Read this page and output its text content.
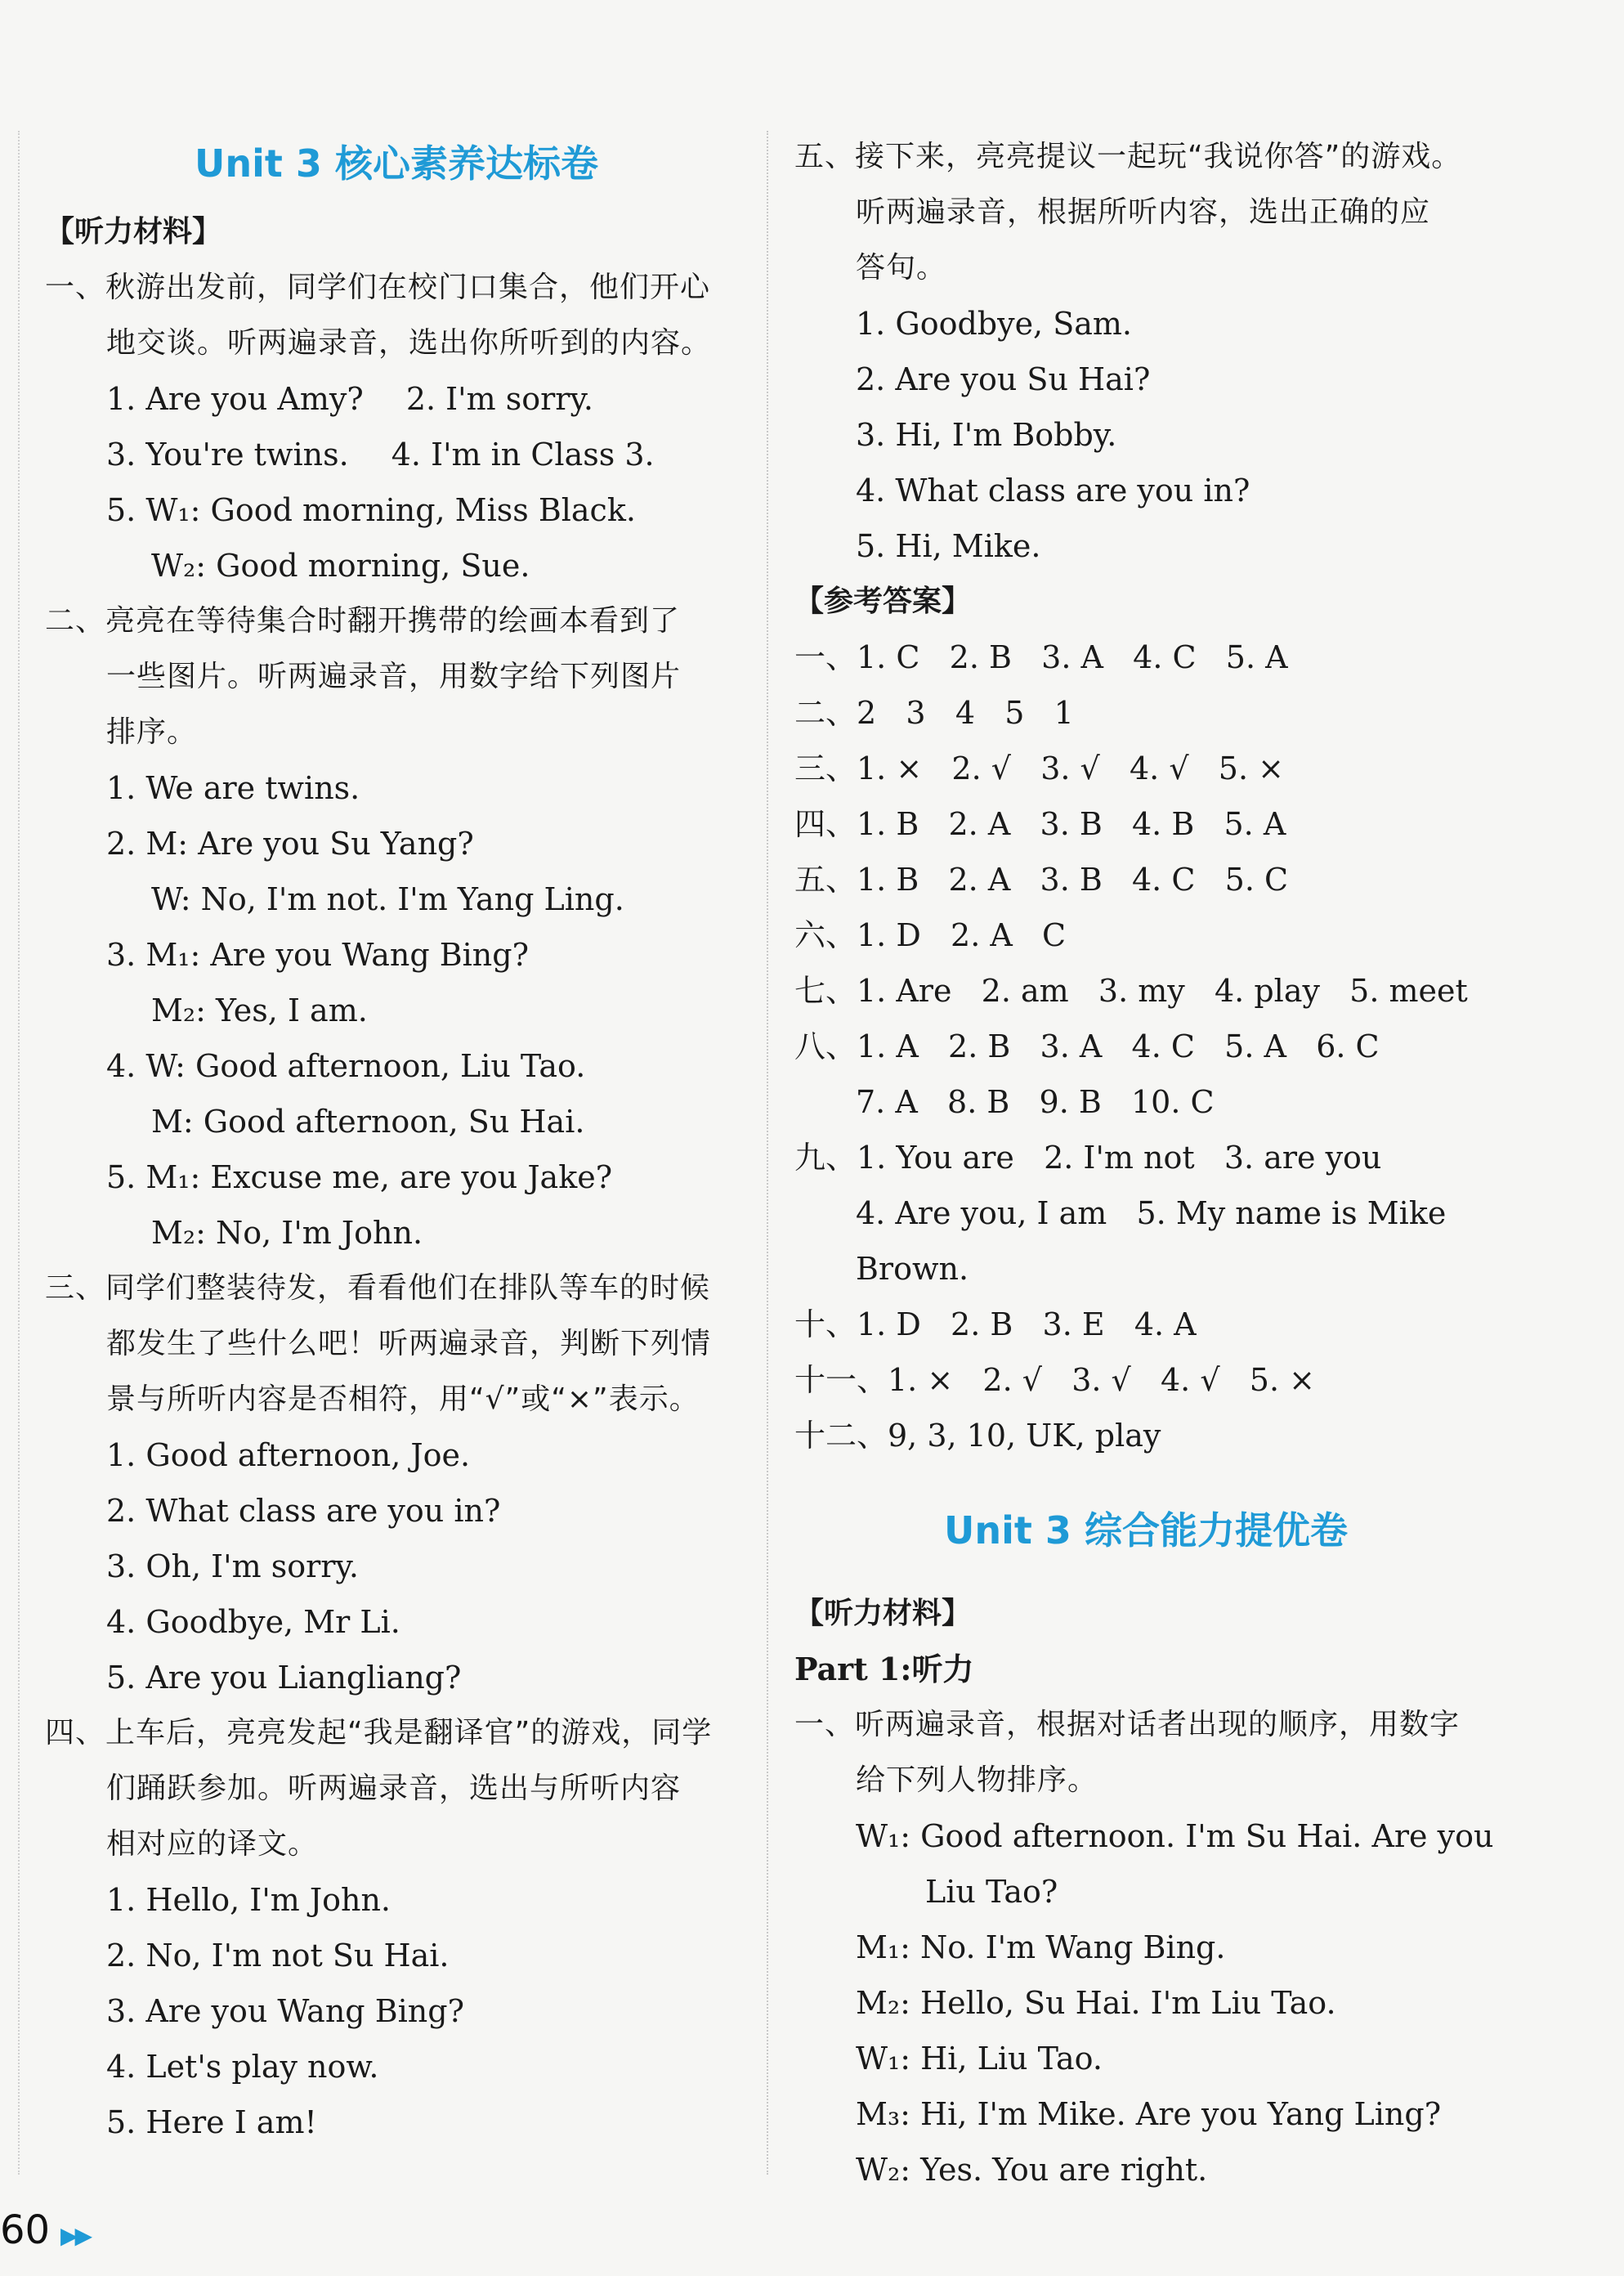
Unit 3 核心素养达标卷
【听力材料】
一、秋游出发前，同学们在校门口集合，他们开心
地交谈。听两遍录音，选出你所听到的内容。
1. Are you Amy? 2. I'm sorry.
3. You're twins. 4. I'm in Class 3.
5. W₁: Good morning, Miss Black.
W₂: Good morning, Sue.
二、亮亮在等待集合时翻开携带的绘画本看到了
一些图片。听两遍录音，用数字给下列图片
排序。
1. We are twins.
2. M: Are you Su Yang?
W: No, I'm not. I'm Yang Ling.
3. M₁: Are you Wang Bing?
M₂: Yes, I am.
4. W: Good afternoon, Liu Tao.
M: Good afternoon, Su Hai.
5. M₁: Excuse me, are you Jake?
M₂: No, I'm John.
三、同学们整装待发，看看他们在排队等车的时候
都发生了些什么吧！听两遍录音，判断下列情
景与所听内容是否相符，用“√”或“×”表示。
1. Good afternoon, Joe.
2. What class are you in?
3. Oh, I'm sorry.
4. Goodbye, Mr Li.
5. Are you Liangliang?
四、上车后，亮亮发起“我是翻译官”的游戏，同学
们踊跃参加。听两遍录音，选出与所听内容
相对应的译文。
1. Hello, I'm John.
2. No, I'm not Su Hai.
3. Are you Wang Bing?
4. Let's play now.
5. Here I am!
五、接下来，亮亮提议一起玩“我说你答”的游戏。
听两遍录音，根据所听内容，选出正确的应
答句。
1. Goodbye, Sam.
2. Are you Su Hai?
3. Hi, I'm Bobby.
4. What class are you in?
5. Hi, Mike.
【参考答案】
一、1. C   2. B   3. A   4. C   5. A
二、2   3   4   5   1
三、1. ×   2. √   3. √   4. √   5. ×
四、1. B   2. A   3. B   4. B   5. A
五、1. B   2. A   3. B   4. C   5. C
六、1. D   2. A   C
七、1. Are   2. am   3. my   4. play   5. meet
八、1. A   2. B   3. A   4. C   5. A   6. C
7. A   8. B   9. B   10. C
九、1. You are   2. I'm not   3. are you
4. Are you, I am   5. My name is Mike
Brown.
十、1. D   2. B   3. E   4. A
十一、1. ×   2. √   3. √   4. √   5. ×
十二、9, 3, 10, UK, play
Unit 3 综合能力提优卷
【听力材料】
Part 1:听力
一、听两遍录音，根据对话者出现的顺序，用数字
给下列人物排序。
W₁: Good afternoon. I'm Su Hai. Are you
Liu Tao?
M₁: No. I'm Wang Bing.
M₂: Hello, Su Hai. I'm Liu Tao.
W₁: Hi, Liu Tao.
M₃: Hi, I'm Mike. Are you Yang Ling?
W₂: Yes. You are right.
60 ▶▶
